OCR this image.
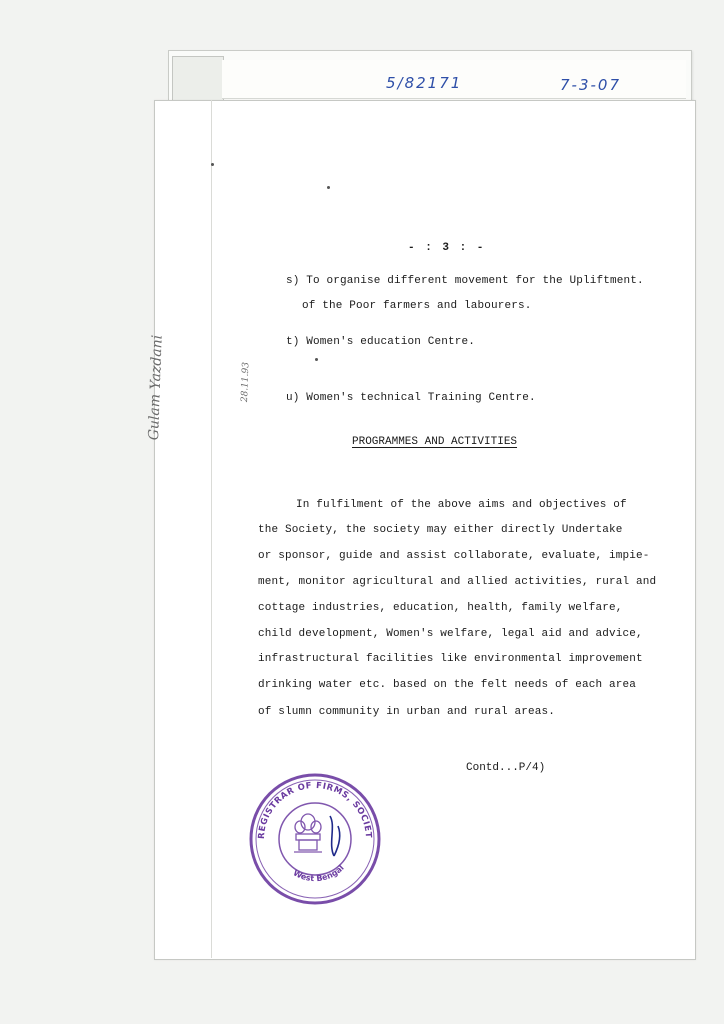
5/82171	7-3-07
- : 3 : -
s) To organise different movement for the Upliftment.
of the Poor farmers and labourers.
t) Women's education Centre.
u) Women's technical Training Centre.
Gulam Yazdani	28.11.93
PROGRAMMES AND ACTIVITIES
In fulfilment of the above aims and objectives of
the Society, the society may either directly Undertake
or sponsor, guide and assist collaborate, evaluate, impie-
ment, monitor agricultural and allied activities, rural and
cottage industries, education, health, family welfare,
child development, Women's welfare, legal aid and advice,
infrastructural facilities like environmental improvement
drinking water etc. based on the felt needs of each area
of slumn community in urban and rural areas.
Contd...P/4)
REGISTRAR OF FIRMS, SOCIET
West Bengal
